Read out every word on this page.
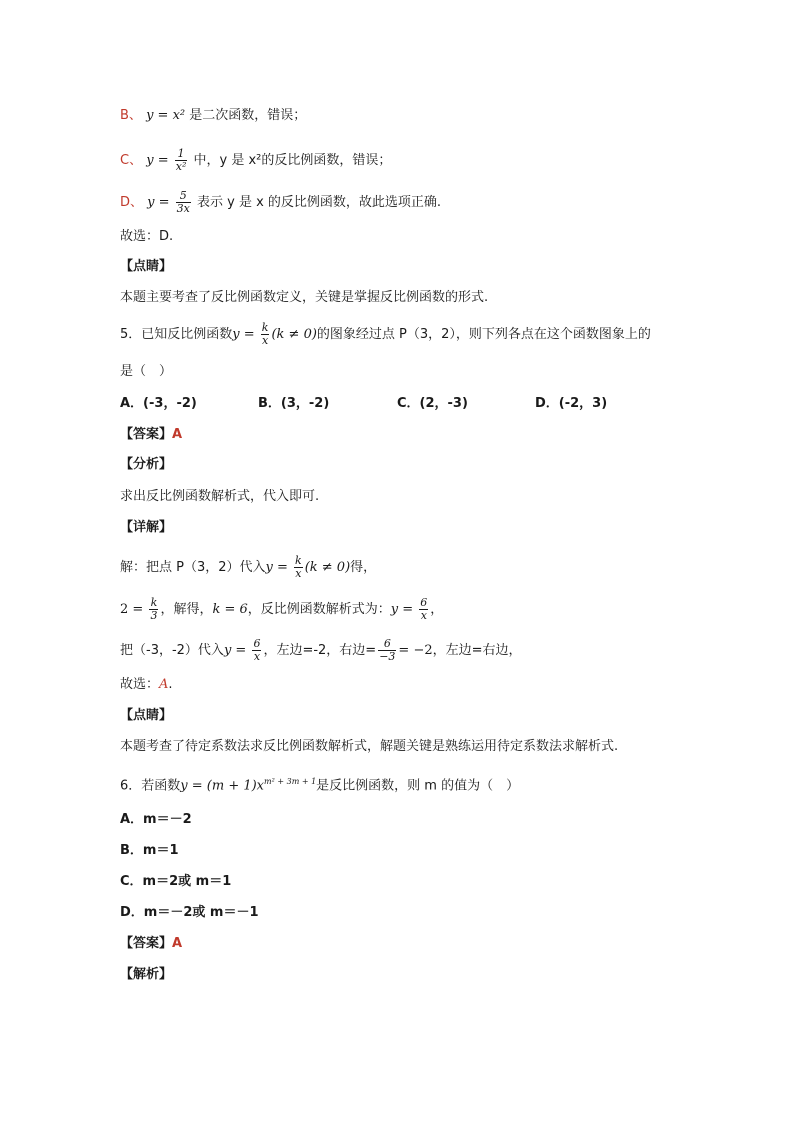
B、 y = x² 是二次函数，错误；
C、 $y = \frac{1}{\text{x²}}$ 中，y 是 x²的反比例函数，错误；
D、 $y = \frac{5}{3x}$ 表示 y 是 x 的反比例函数，故此选项正确.
故选：D.
【点睛】
本题主要考查了反比例函数定义，关键是掌握反比例函数的形式.
5．已知反比例函数$y = \frac{k}{x} (k \ne 0)$的图象经过点 P（3，2），则下列各点在这个函数图象上的
是（　）
A．(-3，-2)	B．(3，-2)	C．(2，-3)	D．(-2，3)
【答案】A
【分析】
求出反比例函数解析式，代入即可.
【详解】
解：把点 P（3，2）代入$y = \frac{k}{x} (k \ne 0)$得，
$2 = \frac{k}{3}$ ，解得，k = 6，反比例函数解析式为：$y = \frac{6}{x}$ ，
把（-3，-2）代入$y = \frac{6}{x}$ ，左边=-2，右边= $\frac{6}{-3} = -2$，左边=右边，
故选：A.
【点睛】
本题考查了待定系数法求反比例函数解析式，解题关键是熟练运用待定系数法求解析式.
6．若函数$y = (m + 1)x^{m^2 + 3m + 1}$是反比例函数，则 m 的值为（　）
A．m＝－2
B．m＝1
C．m＝2或 m＝1
D．m＝－2或 m＝－1
【答案】A
【解析】
